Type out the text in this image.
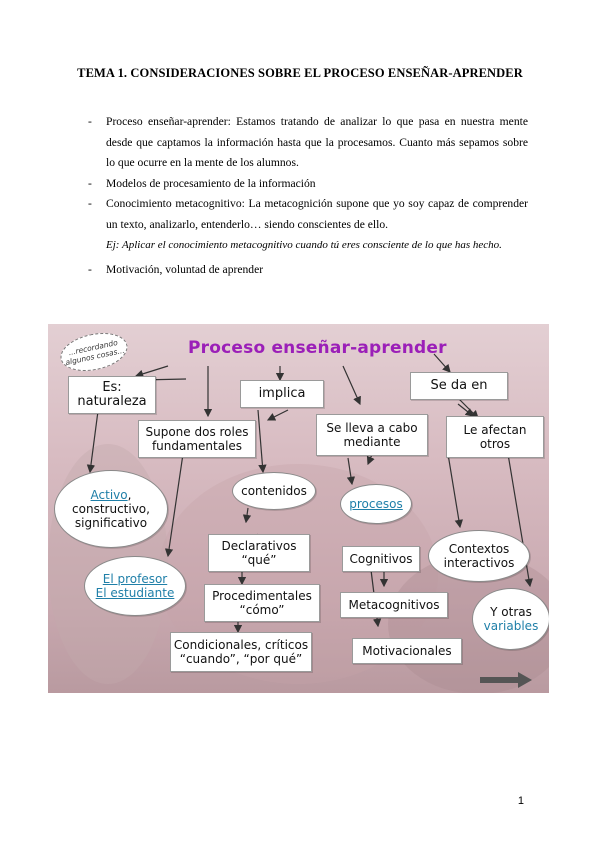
TEMA 1. CONSIDERACIONES SOBRE EL PROCESO ENSEÑAR-APRENDER
- Proceso enseñar-aprender: Estamos tratando de analizar lo que pasa en nuestra mente desde que captamos la información hasta que la procesamos. Cuanto más sepamos sobre lo que ocurre en la mente de los alumnos.
- Modelos de procesamiento de la información
- Conocimiento metacognitivo: La metacognición supone que yo soy capaz de comprender un texto, analizarlo, entenderlo… siendo conscientes de ello.
Ej: Aplicar el conocimiento metacognitivo cuando tú eres consciente de lo que has hecho.
- Motivación, voluntad de aprender
...recordando algunos cosas...	Proceso enseñar-aprender
Es:
naturaleza
implica
Se da en
Supone dos roles
fundamentales
Se lleva a cabo
mediante
Le afectan
otros
Activo,
constructivo,
significativo
contenidos
procesos
Declarativos
“qué”	Cognitivos
Contextos
interactivos
El profesor
El estudiante	Procedimentales
“cómo”	Metacognitivos	Y otras
variables
Condicionales, críticos
“cuando”, “por qué”
Motivacionales
1
